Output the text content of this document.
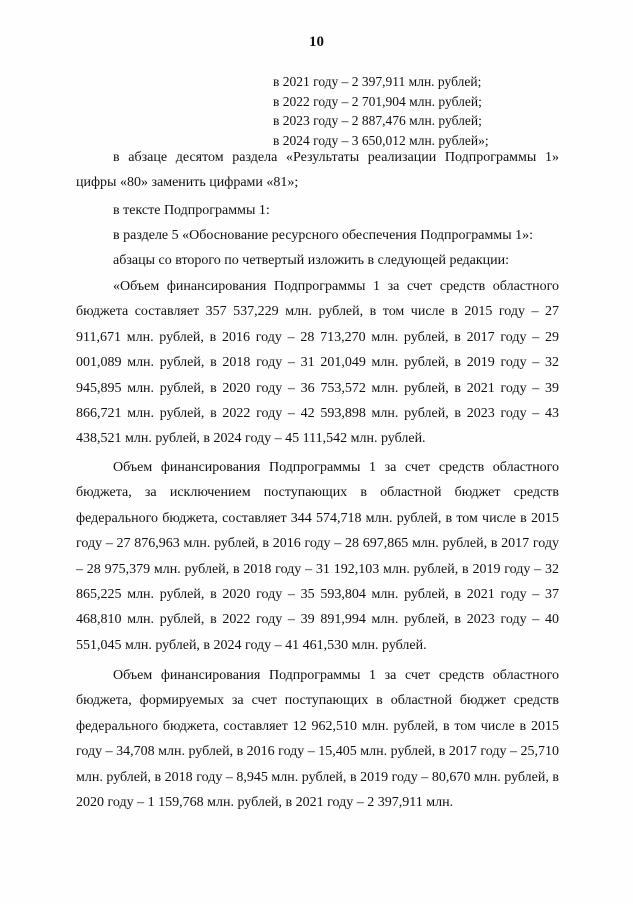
10
в 2021 году – 2 397,911 млн. рублей;
в 2022 году – 2 701,904 млн. рублей;
в 2023 году – 2 887,476 млн. рублей;
в 2024 году – 3 650,012 млн. рублей»;
в абзаце десятом раздела «Результаты реализации Подпрограммы 1» цифры «80» заменить цифрами «81»;
в тексте Подпрограммы 1:
в разделе 5 «Обоснование ресурсного обеспечения Подпрограммы 1»:
абзацы со второго по четвертый изложить в следующей редакции:
«Объем финансирования Подпрограммы 1 за счет средств областного бюджета составляет 357 537,229 млн. рублей, в том числе в 2015 году – 27 911,671 млн. рублей, в 2016 году – 28 713,270 млн. рублей, в 2017 году – 29 001,089 млн. рублей, в 2018 году – 31 201,049 млн. рублей, в 2019 году – 32 945,895 млн. рублей, в 2020 году – 36 753,572 млн. рублей, в 2021 году – 39 866,721 млн. рублей, в 2022 году – 42 593,898 млн. рублей, в 2023 году – 43 438,521 млн. рублей, в 2024 году – 45 111,542 млн. рублей.
Объем финансирования Подпрограммы 1 за счет средств областного бюджета, за исключением поступающих в областной бюджет средств федерального бюджета, составляет 344 574,718 млн. рублей, в том числе в 2015 году – 27 876,963 млн. рублей, в 2016 году – 28 697,865 млн. рублей, в 2017 году – 28 975,379 млн. рублей, в 2018 году – 31 192,103 млн. рублей, в 2019 году – 32 865,225 млн. рублей, в 2020 году – 35 593,804 млн. рублей, в 2021 году – 37 468,810 млн. рублей, в 2022 году – 39 891,994 млн. рублей, в 2023 году – 40 551,045 млн. рублей, в 2024 году – 41 461,530 млн. рублей.
Объем финансирования Подпрограммы 1 за счет средств областного бюджета, формируемых за счет поступающих в областной бюджет средств федерального бюджета, составляет 12 962,510 млн. рублей, в том числе в 2015 году – 34,708 млн. рублей, в 2016 году – 15,405 млн. рублей, в 2017 году – 25,710 млн. рублей, в 2018 году – 8,945 млн. рублей, в 2019 году – 80,670 млн. рублей, в 2020 году – 1 159,768 млн. рублей, в 2021 году – 2 397,911 млн.
